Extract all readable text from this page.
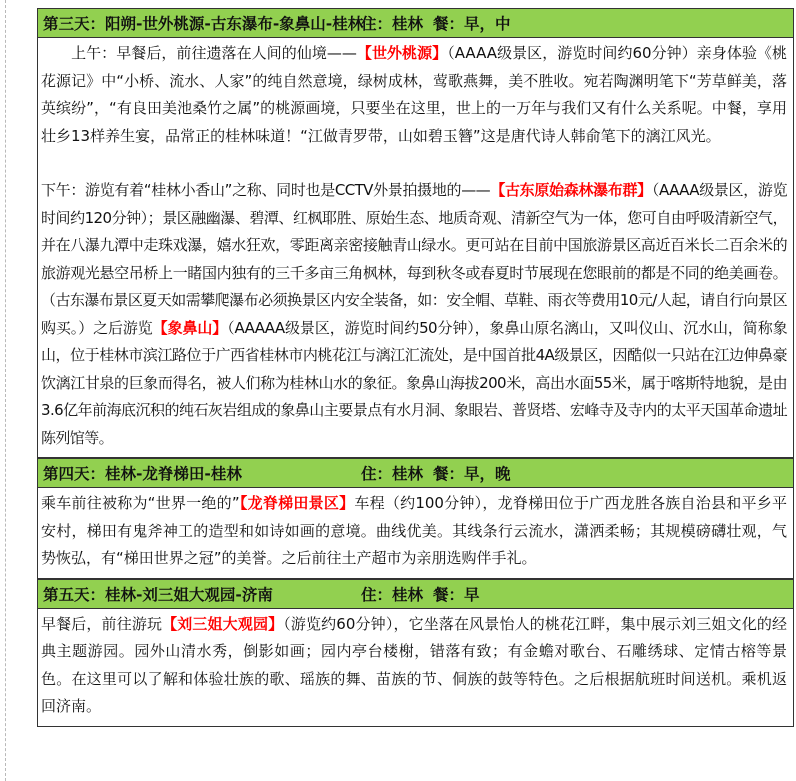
第三天：阳朔-世外桃源-古东瀑布-象鼻山-桂林
住：桂林 餐：早，中

　　上午：早餐后，前往遗落在人间的仙境——【世外桃源】（AAAA级景区，游览时间约60分钟）亲身体验《桃花源记》中“小桥、流水、人家”的纯自然意境，绿树成林，莺歌燕舞，美不胜收。宛若陶渊明笔下“芳草鲜美，落英缤纷”，“有良田美池桑竹之属”的桃源画境，只要坐在这里，世上的一万年与我们又有什么关系呢。中餐，享用壮乡13样养生宴，品常正的桂林味道！“江做青罗带，山如碧玉簪”这是唐代诗人韩俞笔下的漓江风光。

下午：游览有着“桂林小香山”之称、同时也是CCTV外景拍摄地的——【古东原始森林瀑布群】（AAAA级景区，游览时间约120分钟）；景区融幽瀑、碧潭、红枫耶胜、原始生态、地质奇观、清新空气为一体，您可自由呼吸清新空气，并在八瀑九潭中走珠戏瀑，嬉水狂欢，零距离亲密接触青山绿水。更可站在目前中国旅游景区高近百米长二百余米的旅游观光悬空吊桥上一睹国内独有的三千多亩三角枫林，每到秋冬或春夏时节展现在您眼前的都是不同的绝美画卷。（古东瀑布景区夏天如需攀爬瀑布必须换景区内安全装备，如：安全帽、草鞋、雨衣等费用10元/人起，请自行向景区购买。）之后游览【象鼻山】（AAAAA级景区，游览时间约50分钟），象鼻山原名漓山，又叫仪山、沉水山，简称象山，位于桂林市滨江路位于广西省桂林市内桃花江与漓江汇流处，是中国首批4A级景区，因酷似一只站在江边伸鼻豪饮漓江甘泉的巨象而得名，被人们称为桂林山水的象征。象鼻山海拔200米，高出水面55米，属于喀斯特地貌，是由3.6亿年前海底沉积的纯石灰岩组成的象鼻山主要景点有水月洞、象眼岩、普贤塔、宏峰寺及寺内的太平天国革命遗址陈列馆等。

第四天：桂林-龙脊梯田-桂林	住：桂林 餐：早，晚

乘车前往被称为“世界一绝的”【龙脊梯田景区】车程（约100分钟），龙脊梯田位于广西龙胜各族自治县和平乡平安村，梯田有鬼斧神工的造型和如诗如画的意境。曲线优美。其线条行云流水，潇洒柔畅；其规模磅礴壮观，气势恢弘，有“梯田世界之冠”的美誉。之后前往土产超市为亲朋选购伴手礼。

第五天：桂林-刘三姐大观园-济南	住：桂林 餐：早

早餐后，前往游玩【刘三姐大观园】（游览约60分钟），它坐落在风景怡人的桃花江畔，集中展示刘三姐文化的经典主题游园。园外山清水秀，倒影如画；园内亭台楼榭，错落有致；有金蟾对歌台、石雕绣球、定情古榕等景色。在这里可以了解和体验壮族的歌、瑶族的舞、苗族的节、侗族的鼓等特色。之后根据航班时间送机。乘机返回济南。
